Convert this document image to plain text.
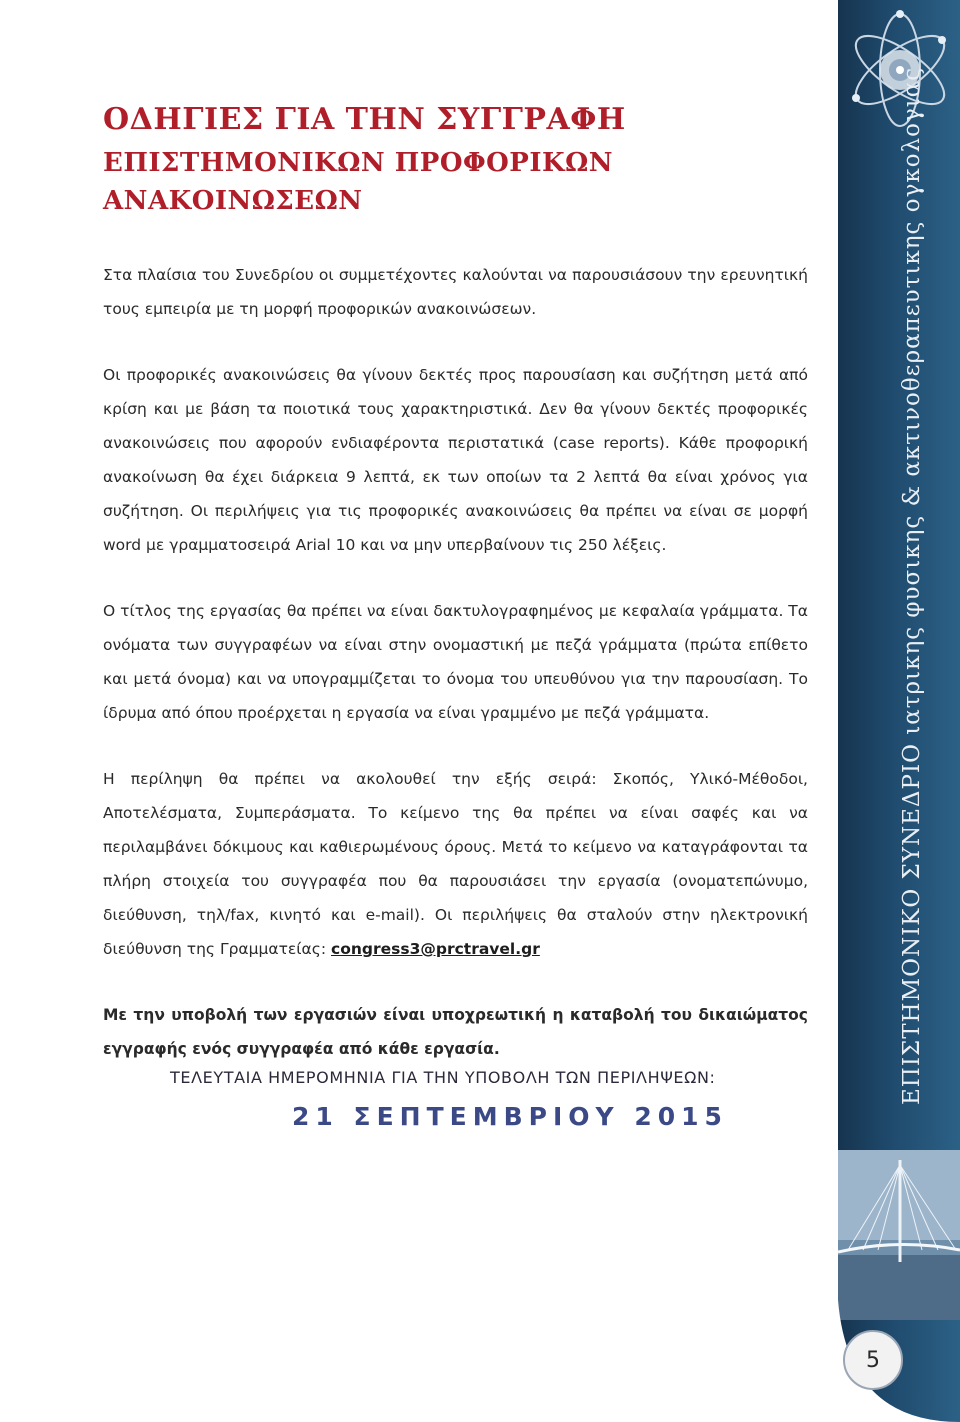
ΟΔΗΓΙΕΣ ΓΙΑ ΤΗΝ ΣΥΓΓΡΑΦΗ
ΕΠΙΣΤΗΜΟΝΙΚΩΝ ΠΡΟΦΟΡΙΚΩΝ ΑΝΑΚΟΙΝΩΣΕΩΝ

Στα πλαίσια του Συνεδρίου οι συμμετέχοντες καλούνται να παρουσιάσουν την ερευνητική τους εμπειρία με τη μορφή προφορικών ανακοινώσεων.

Οι προφορικές ανακοινώσεις θα γίνουν δεκτές προς παρουσίαση και συζήτηση μετά από κρίση και με βάση τα ποιοτικά τους χαρακτηριστικά. Δεν θα γίνουν δεκτές προφορικές ανακοινώσεις που αφορούν ενδιαφέροντα περιστατικά (case reports). Κάθε προφορική ανακοίνωση θα έχει διάρκεια 9 λεπτά, εκ των οποίων τα 2 λεπτά θα είναι χρόνος για συζήτηση. Οι περιλήψεις για τις προφορικές ανακοινώσεις θα πρέπει να είναι σε μορφή word με γραμματοσειρά Arial 10 και να μην υπερβαίνουν τις 250 λέξεις.

Ο τίτλος της εργασίας θα πρέπει να είναι δακτυλογραφημένος με κεφαλαία γράμματα. Τα ονόματα των συγγραφέων να είναι στην ονομαστική με πεζά γράμματα (πρώτα επίθετο και μετά όνομα) και να υπογραμμίζεται το όνομα του υπευθύνου για την παρουσίαση. Το ίδρυμα από όπου προέρχεται η εργασία να είναι γραμμένο με πεζά γράμματα.

Η περίληψη θα πρέπει να ακολουθεί την εξής σειρά: Σκοπός, Υλικό-Μέθοδοι, Αποτελέσματα, Συμπεράσματα. Το κείμενο της θα πρέπει να είναι σαφές και να περιλαμβάνει δόκιμους και καθιερωμένους όρους. Μετά το κείμενο να καταγράφονται τα πλήρη στοιχεία του συγγραφέα που θα παρουσιάσει την εργασία (ονοματεπώνυμο, διεύθυνση, τηλ/fax, κινητό και e-mail). Οι περιλήψεις θα σταλούν στην ηλεκτρονική διεύθυνση της Γραμματείας: congress3@prctravel.gr

Με την υποβολή των εργασιών είναι υποχρεωτική η καταβολή του δικαιώματος εγγραφής ενός συγγραφέα από κάθε εργασία.

ΤΕΛΕΥΤΑΙΑ ΗΜΕΡΟΜΗΝΙΑ ΓΙΑ ΤΗΝ ΥΠΟΒΟΛΗ ΤΩΝ ΠΕΡΙΛΗΨΕΩΝ:

21 ΣΕΠΤΕΜΒΡΙΟΥ 2015

ΕΠΙΣΤΗΜΟΝΙΚΟ ΣΥΝΕΔΡΙΟ ιατρικης φυσικης & ακτινοθεραπευτικης ογκολογιας
5
